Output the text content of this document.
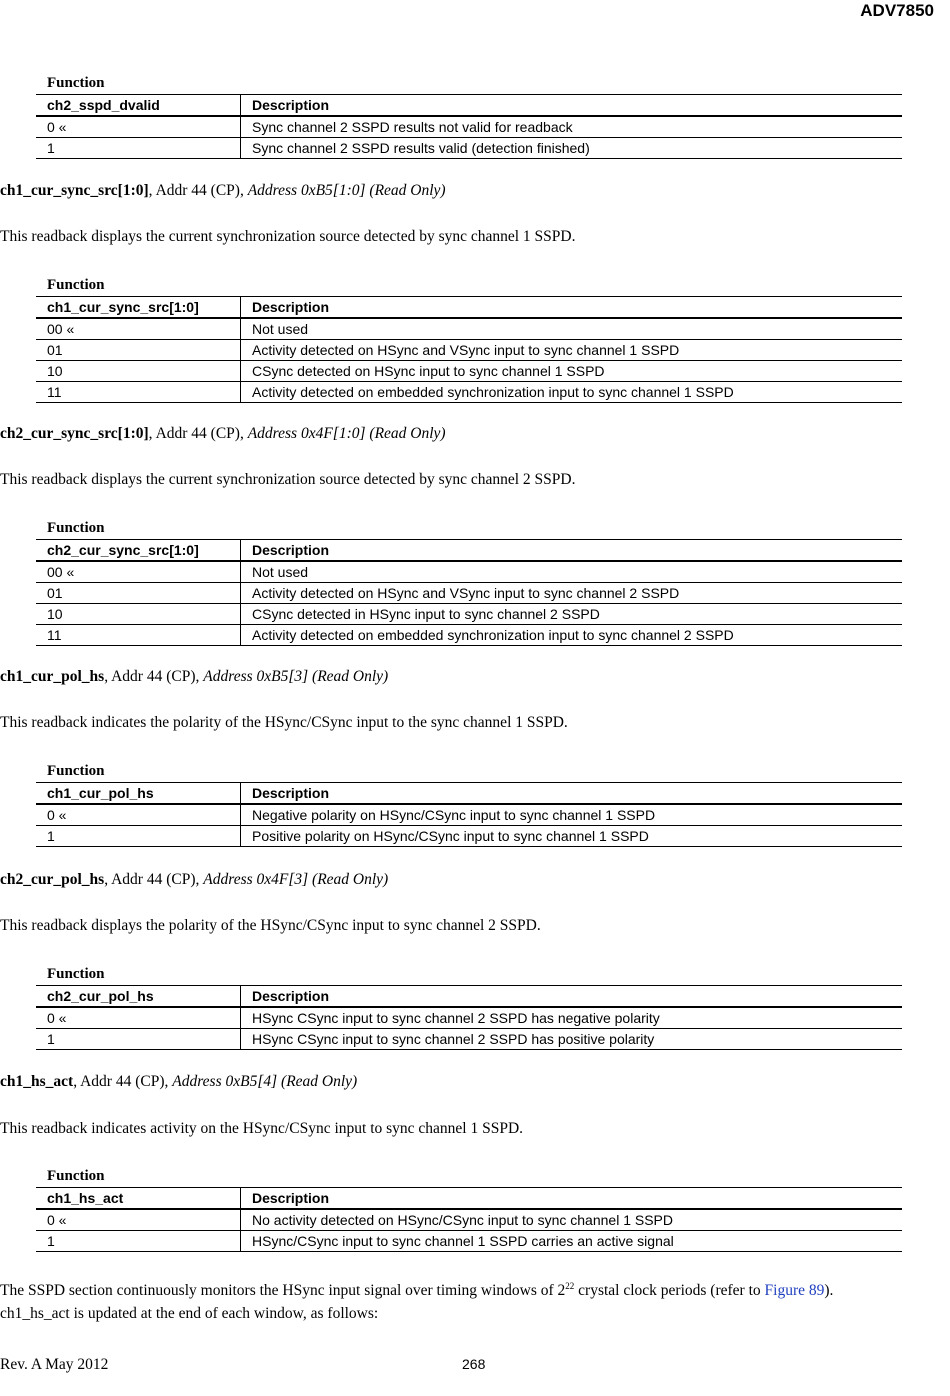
ADV7850
Function
ch2_sspd_dvalid	Description
0 «	Sync channel 2 SSPD results not valid for readback
1	Sync channel 2 SSPD results valid (detection finished)
ch1_cur_sync_src[1:0], Addr 44 (CP), Address 0xB5[1:0] (Read Only)
This readback displays the current synchronization source detected by sync channel 1 SSPD.
Function
ch1_cur_sync_src[1:0]	Description
00 «	Not used
01	Activity detected on HSync and VSync input to sync channel 1 SSPD
10	CSync detected on HSync input to sync channel 1 SSPD
11	Activity detected on embedded synchronization input to sync channel 1 SSPD
ch2_cur_sync_src[1:0], Addr 44 (CP), Address 0x4F[1:0] (Read Only)
This readback displays the current synchronization source detected by sync channel 2 SSPD.
Function
ch2_cur_sync_src[1:0]	Description
00 «	Not used
01	Activity detected on HSync and VSync input to sync channel 2 SSPD
10	CSync detected in HSync input to sync channel 2 SSPD
11	Activity detected on embedded synchronization input to sync channel 2 SSPD
ch1_cur_pol_hs, Addr 44 (CP), Address 0xB5[3] (Read Only)
This readback indicates the polarity of the HSync/CSync input to the sync channel 1 SSPD.
Function
ch1_cur_pol_hs	Description
0 «	Negative polarity on HSync/CSync input to sync channel 1 SSPD
1	Positive polarity on HSync/CSync input to sync channel 1 SSPD
ch2_cur_pol_hs, Addr 44 (CP), Address 0x4F[3] (Read Only)
This readback displays the polarity of the HSync/CSync input to sync channel 2 SSPD.
Function
ch2_cur_pol_hs	Description
0 «	HSync CSync input to sync channel 2 SSPD has negative polarity
1	HSync CSync input to sync channel 2 SSPD has positive polarity
ch1_hs_act, Addr 44 (CP), Address 0xB5[4] (Read Only)
This readback indicates activity on the HSync/CSync input to sync channel 1 SSPD.
Function
ch1_hs_act	Description
0 «	No activity detected on HSync/CSync input to sync channel 1 SSPD
1	HSync/CSync input to sync channel 1 SSPD carries an active signal
The SSPD section continuously monitors the HSync input signal over timing windows of $2^{22}$ crystal clock periods (refer to Figure 89).
ch1_hs_act is updated at the end of each window, as follows:
Rev. A May 2012	268
